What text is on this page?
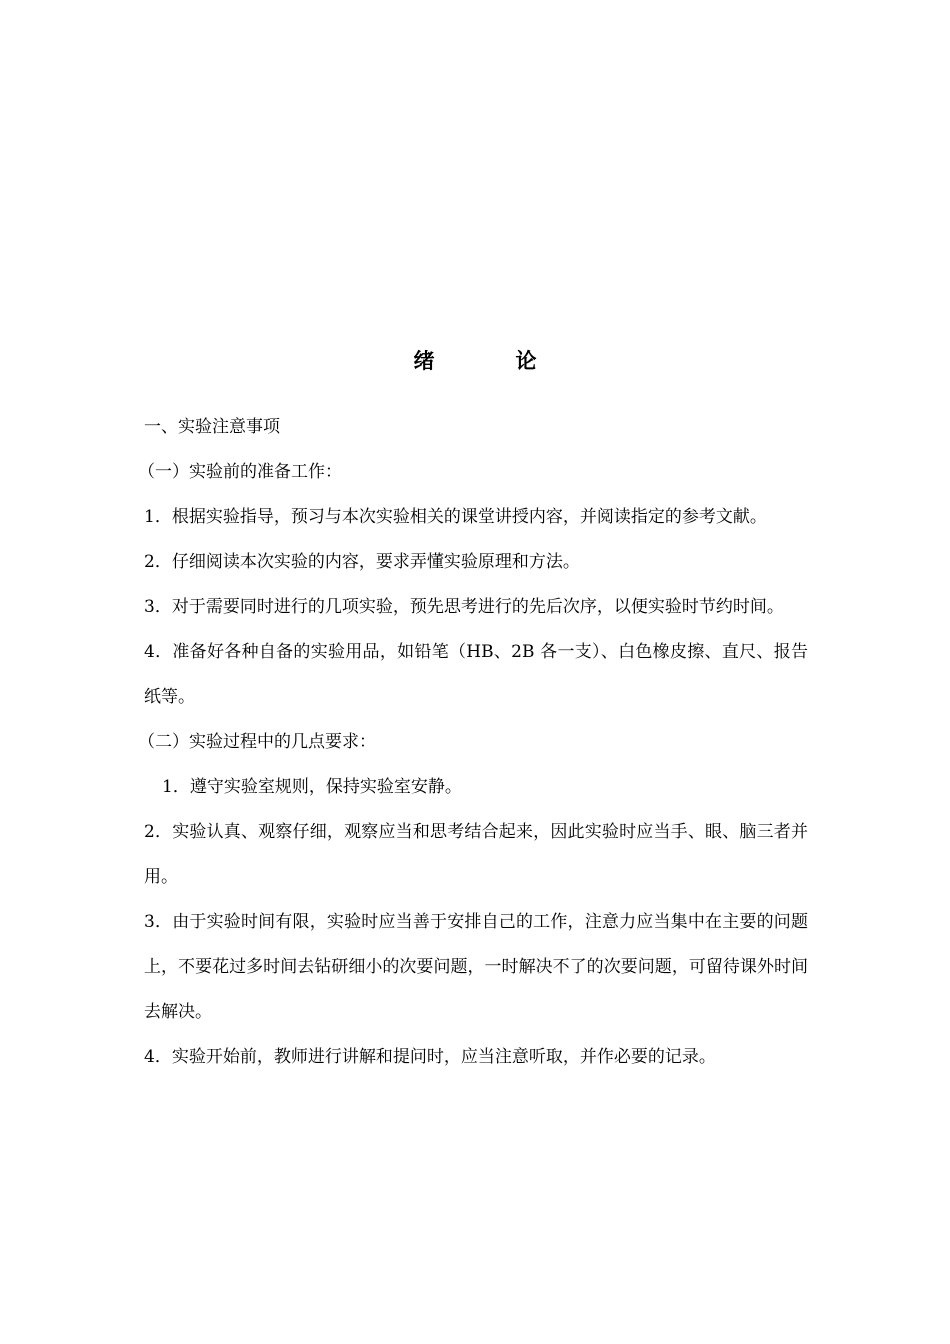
绪　论

一、实验注意事项

（一）实验前的准备工作：

1．根据实验指导，预习与本次实验相关的课堂讲授内容，并阅读指定的参考文献。

2．仔细阅读本次实验的内容，要求弄懂实验原理和方法。

3．对于需要同时进行的几项实验，预先思考进行的先后次序，以便实验时节约时间。

4．准备好各种自备的实验用品，如铅笔（HB、2B 各一支）、白色橡皮擦、直尺、报告纸等。

（二）实验过程中的几点要求：

1．遵守实验室规则，保持实验室安静。

2．实验认真、观察仔细，观察应当和思考结合起来，因此实验时应当手、眼、脑三者并用。

3．由于实验时间有限，实验时应当善于安排自己的工作，注意力应当集中在主要的问题上，不要花过多时间去钻研细小的次要问题，一时解决不了的次要问题，可留待课外时间去解决。

4．实验开始前，教师进行讲解和提问时，应当注意听取，并作必要的记录。
